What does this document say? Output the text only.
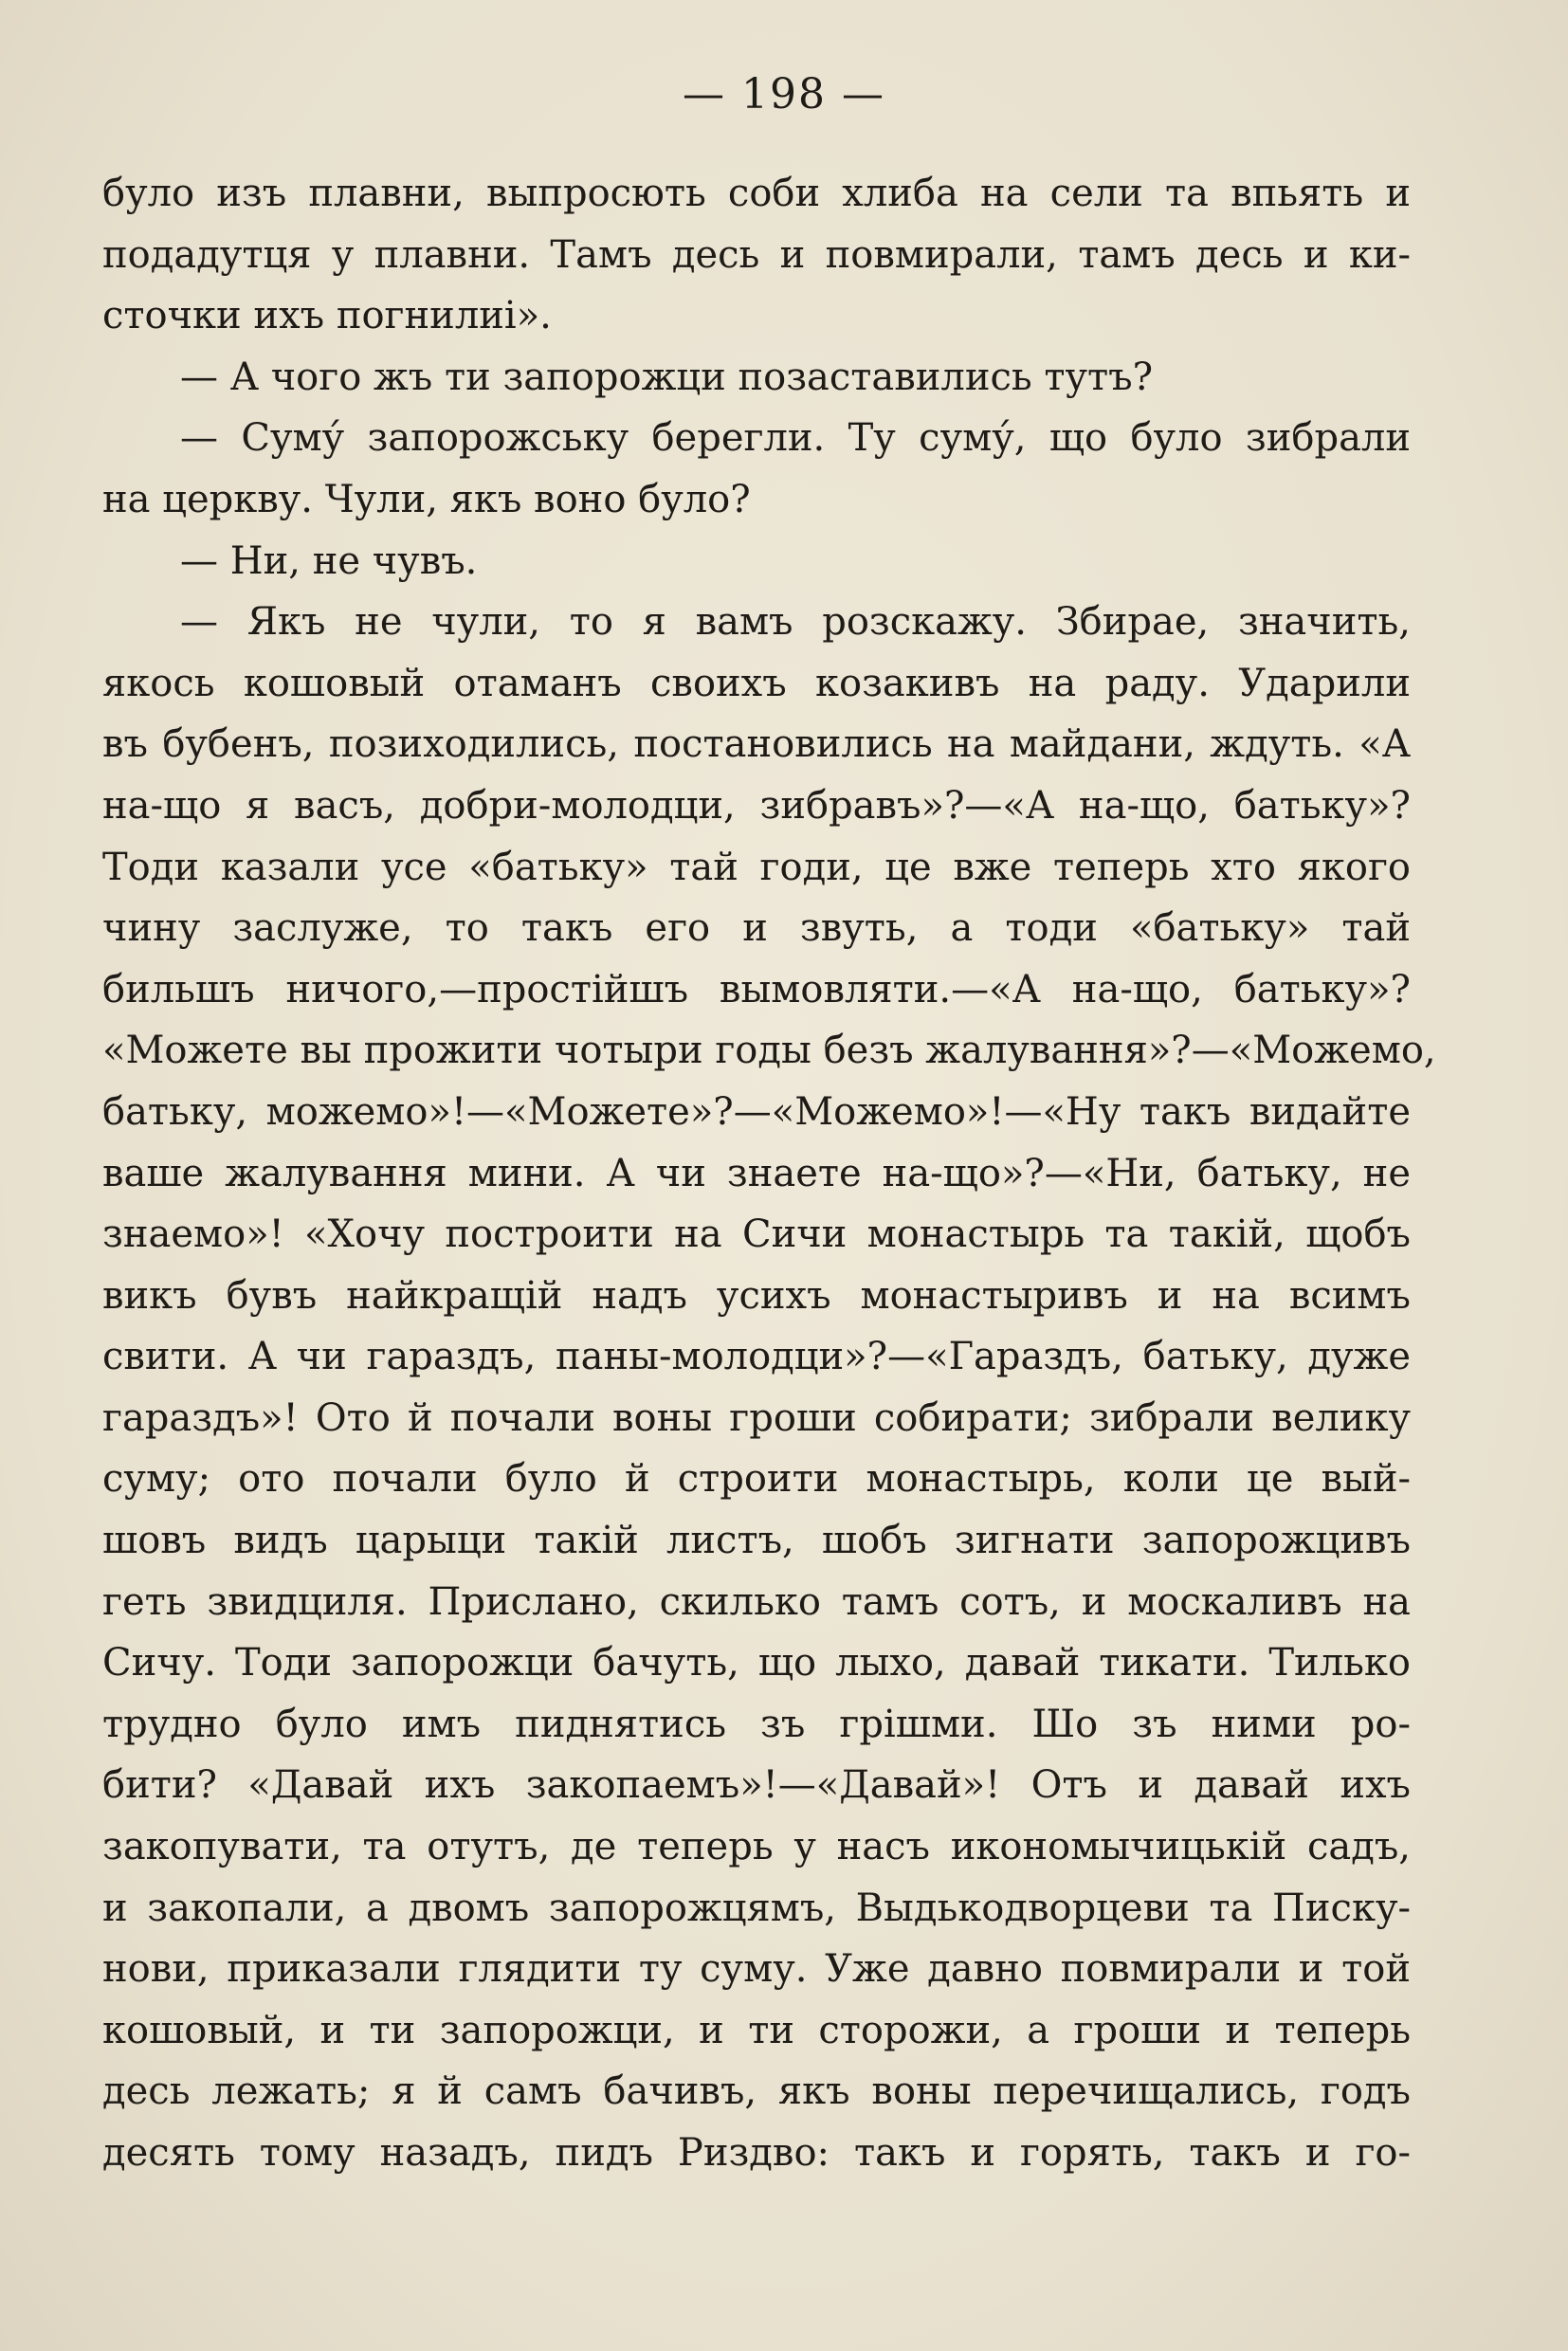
— 198 —
було изъ плавни, выпросють соби хлиба на сели та впьять и
подадутця у плавни. Тамъ десь и повмирали, тамъ десь и ки-
сточки ихъ погнилиі».
— А чого жъ ти запорожци позаставились тутъ?
— Суму́ запорожську берегли. Ту суму́, що було зибрали
на церкву. Чули, якъ воно було?
— Ни, не чувъ.
— Якъ не чули, то я вамъ розскажу. Збирае, значить,
якось кошовый отаманъ своихъ козакивъ на раду. Ударили
въ бубенъ, позиходились, постановились на майдани, ждуть. «А
на-що я васъ, добри-молодци, зибравъ»?—«А на-що, батьку»?
Тоди казали усе «батьку» тай годи, це вже теперь хто якого
чину заслуже, то такъ его и звуть, а тоди «батьку» тай
бильшъ ничого,—простійшъ вымовляти.—«А на-що, батьку»?
«Можете вы прожити чотыри годы безъ жалування»?—«Можемо,
батьку, можемо»!—«Можете»?—«Можемо»!—«Ну такъ видайте
ваше жалування мини. А чи знаете на-що»?—«Ни, батьку, не
знаемо»! «Хочу построити на Сичи монастырь та такій, щобъ
викъ бувъ найкращій надъ усихъ монастыривъ и на всимъ
свити. А чи гараздъ, паны-молодци»?—«Гараздъ, батьку, дуже
гараздъ»! Ото й почали воны гроши собирати; зибрали велику
суму; ото почали було й строити монастырь, коли це вый-
шовъ видъ царыци такій листъ, шобъ зигнати запорожцивъ
геть звидциля. Прислано, скилько тамъ сотъ, и москаливъ на
Сичу. Тоди запорожци бачуть, що лыхо, давай тикати. Тилько
трудно було имъ пиднятись зъ грішми. Шо зъ ними ро-
бити? «Давай ихъ закопаемъ»!—«Давай»! Отъ и давай ихъ
закопувати, та отутъ, де теперь у насъ икономычицькій садъ,
и закопали, а двомъ запорожцямъ, Выдькодворцеви та Писку-
нови, приказали глядити ту суму. Уже давно повмирали и той
кошовый, и ти запорожци, и ти сторожи, а гроши и теперь
десь лежать; я й самъ бачивъ, якъ воны перечищались, годъ
десять тому назадъ, пидъ Риздво: такъ и горять, такъ и го-
